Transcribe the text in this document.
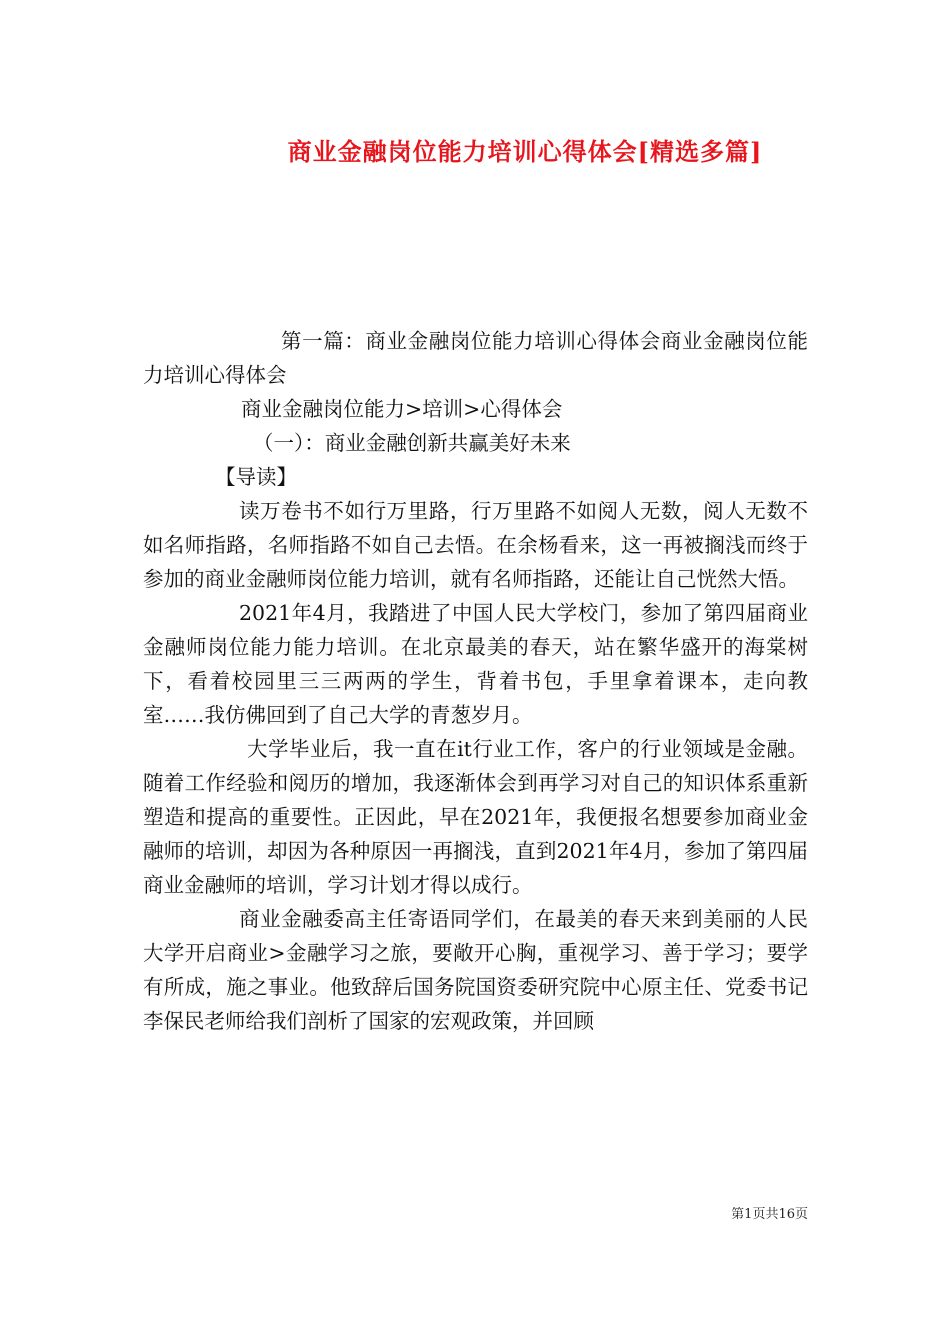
商业金融岗位能力培训心得体会[精选多篇]

第一篇：商业金融岗位能力培训心得体会商业金融岗位能力培训心得体会

商业金融岗位能力>培训>心得体会

（一）：商业金融创新共赢美好未来

【导读】

读万卷书不如行万里路，行万里路不如阅人无数，阅人无数不如名师指路，名师指路不如自己去悟。在余杨看来，这一再被搁浅而终于参加的商业金融师岗位能力培训，就有名师指路，还能让自己恍然大悟。

2021年4月，我踏进了中国人民大学校门，参加了第四届商业金融师岗位能力能力培训。在北京最美的春天，站在繁华盛开的海棠树下，看着校园里三三两两的学生，背着书包，手里拿着课本，走向教室……我仿佛回到了自己大学的青葱岁月。

大学毕业后，我一直在it行业工作，客户的行业领域是金融。随着工作经验和阅历的增加，我逐渐体会到再学习对自己的知识体系重新塑造和提高的重要性。正因此，早在2021年，我便报名想要参加商业金融师的培训，却因为各种原因一再搁浅，直到2021年4月，参加了第四届商业金融师的培训，学习计划才得以成行。

商业金融委高主任寄语同学们，在最美的春天来到美丽的人民大学开启商业>金融学习之旅，要敞开心胸，重视学习、善于学习；要学有所成，施之事业。他致辞后国务院国资委研究院中心原主任、党委书记李保民老师给我们剖析了国家的宏观政策，并回顾

第1页共16页
